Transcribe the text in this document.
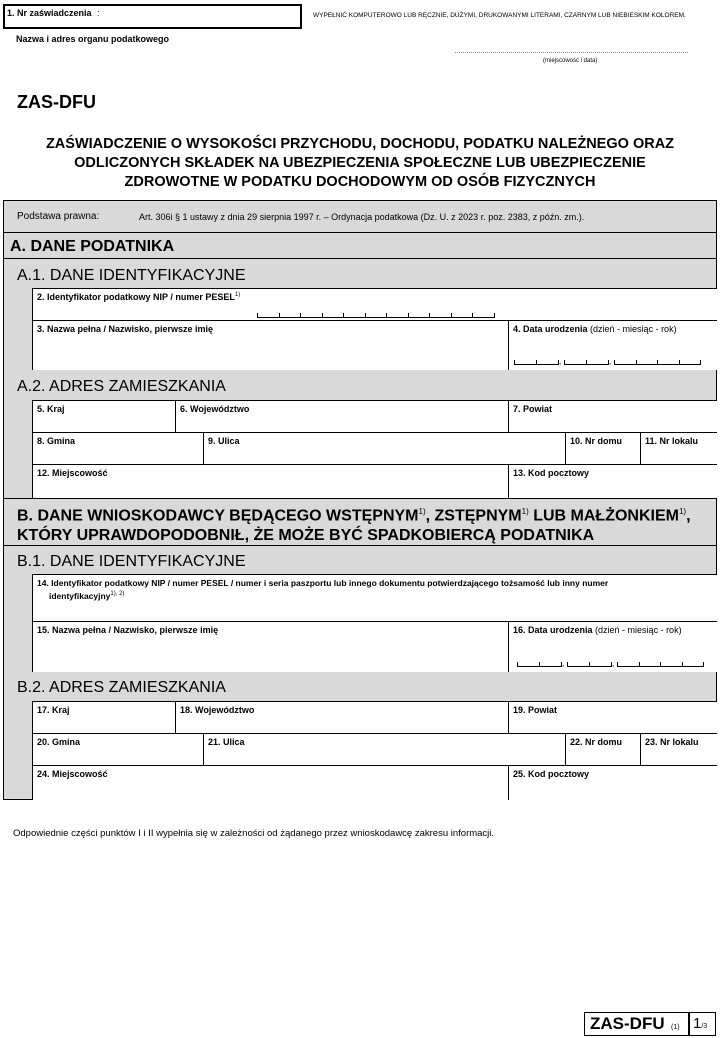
1. Nr zaświadczenia :	WYPEŁNIĆ KOMPUTEROWO LUB RĘCZNIE, DUŻYMI, DRUKOWANYMI LITERAMI, CZARNYM LUB NIEBIESKIM KOLOREM.
Nazwa i adres organu podatkowego
(miejscowość i data)
ZAS-DFU
ZAŚWIADCZENIE O WYSOKOŚCI PRZYCHODU, DOCHODU, PODATKU NALEŻNEGO ORAZ
ODLICZONYCH SKŁADEK NA UBEZPIECZENIA SPOŁECZNE LUB UBEZPIECZENIE
ZDROWOTNE W PODATKU DOCHODOWYM OD OSÓB FIZYCZNYCH
Podstawa prawna:	Art. 306i § 1 ustawy z dnia 29 sierpnia 1997 r. – Ordynacja podatkowa (Dz. U. z 2023 r. poz. 2383, z późn. zm.).
A. DANE PODATNIKA
A.1. DANE IDENTYFIKACYJNE
2. Identyfikator podatkowy NIP / numer PESEL$^{1)}$
3. Nazwa pełna / Nazwisko, pierwsze imię	4. Data urodzenia (dzień - miesiąc - rok)
,	,
A.2. ADRES ZAMIESZKANIA
5. Kraj	6. Województwo	7. Powiat
8. Gmina	9. Ulica	10. Nr domu	11. Nr lokalu
12. Miejscowość	13. Kod pocztowy
B. DANE WNIOSKODAWCY BĘDĄCEGO WSTĘPNYM$^{1)}$, ZSTĘPNYM$^{1)}$ LUB MAŁŻONKIEM$^{1)}$,
KTÓRY UPRAWDOPODOBNIŁ, ŻE MOŻE BYĆ SPADKOBIERCĄ PODATNIKA
B.1. DANE IDENTYFIKACYJNE
14. Identyfikator podatkowy NIP / numer PESEL / numer i seria paszportu lub innego dokumentu potwierdzającego tożsamość lub inny numer
identyfikacyjny$^{1), 2)}$
15. Nazwa pełna / Nazwisko, pierwsze imię	16. Data urodzenia (dzień - miesiąc - rok)
,	,
B.2. ADRES ZAMIESZKANIA
17. Kraj	18. Województwo	19. Powiat
20. Gmina	21. Ulica	22. Nr domu	23. Nr lokalu
24. Miejscowość	25. Kod pocztowy
Odpowiednie części punktów I i II wypełnia się w zależności od żądanego przez wnioskodawcę zakresu informacji.
ZAS-DFU (1) 1/3
